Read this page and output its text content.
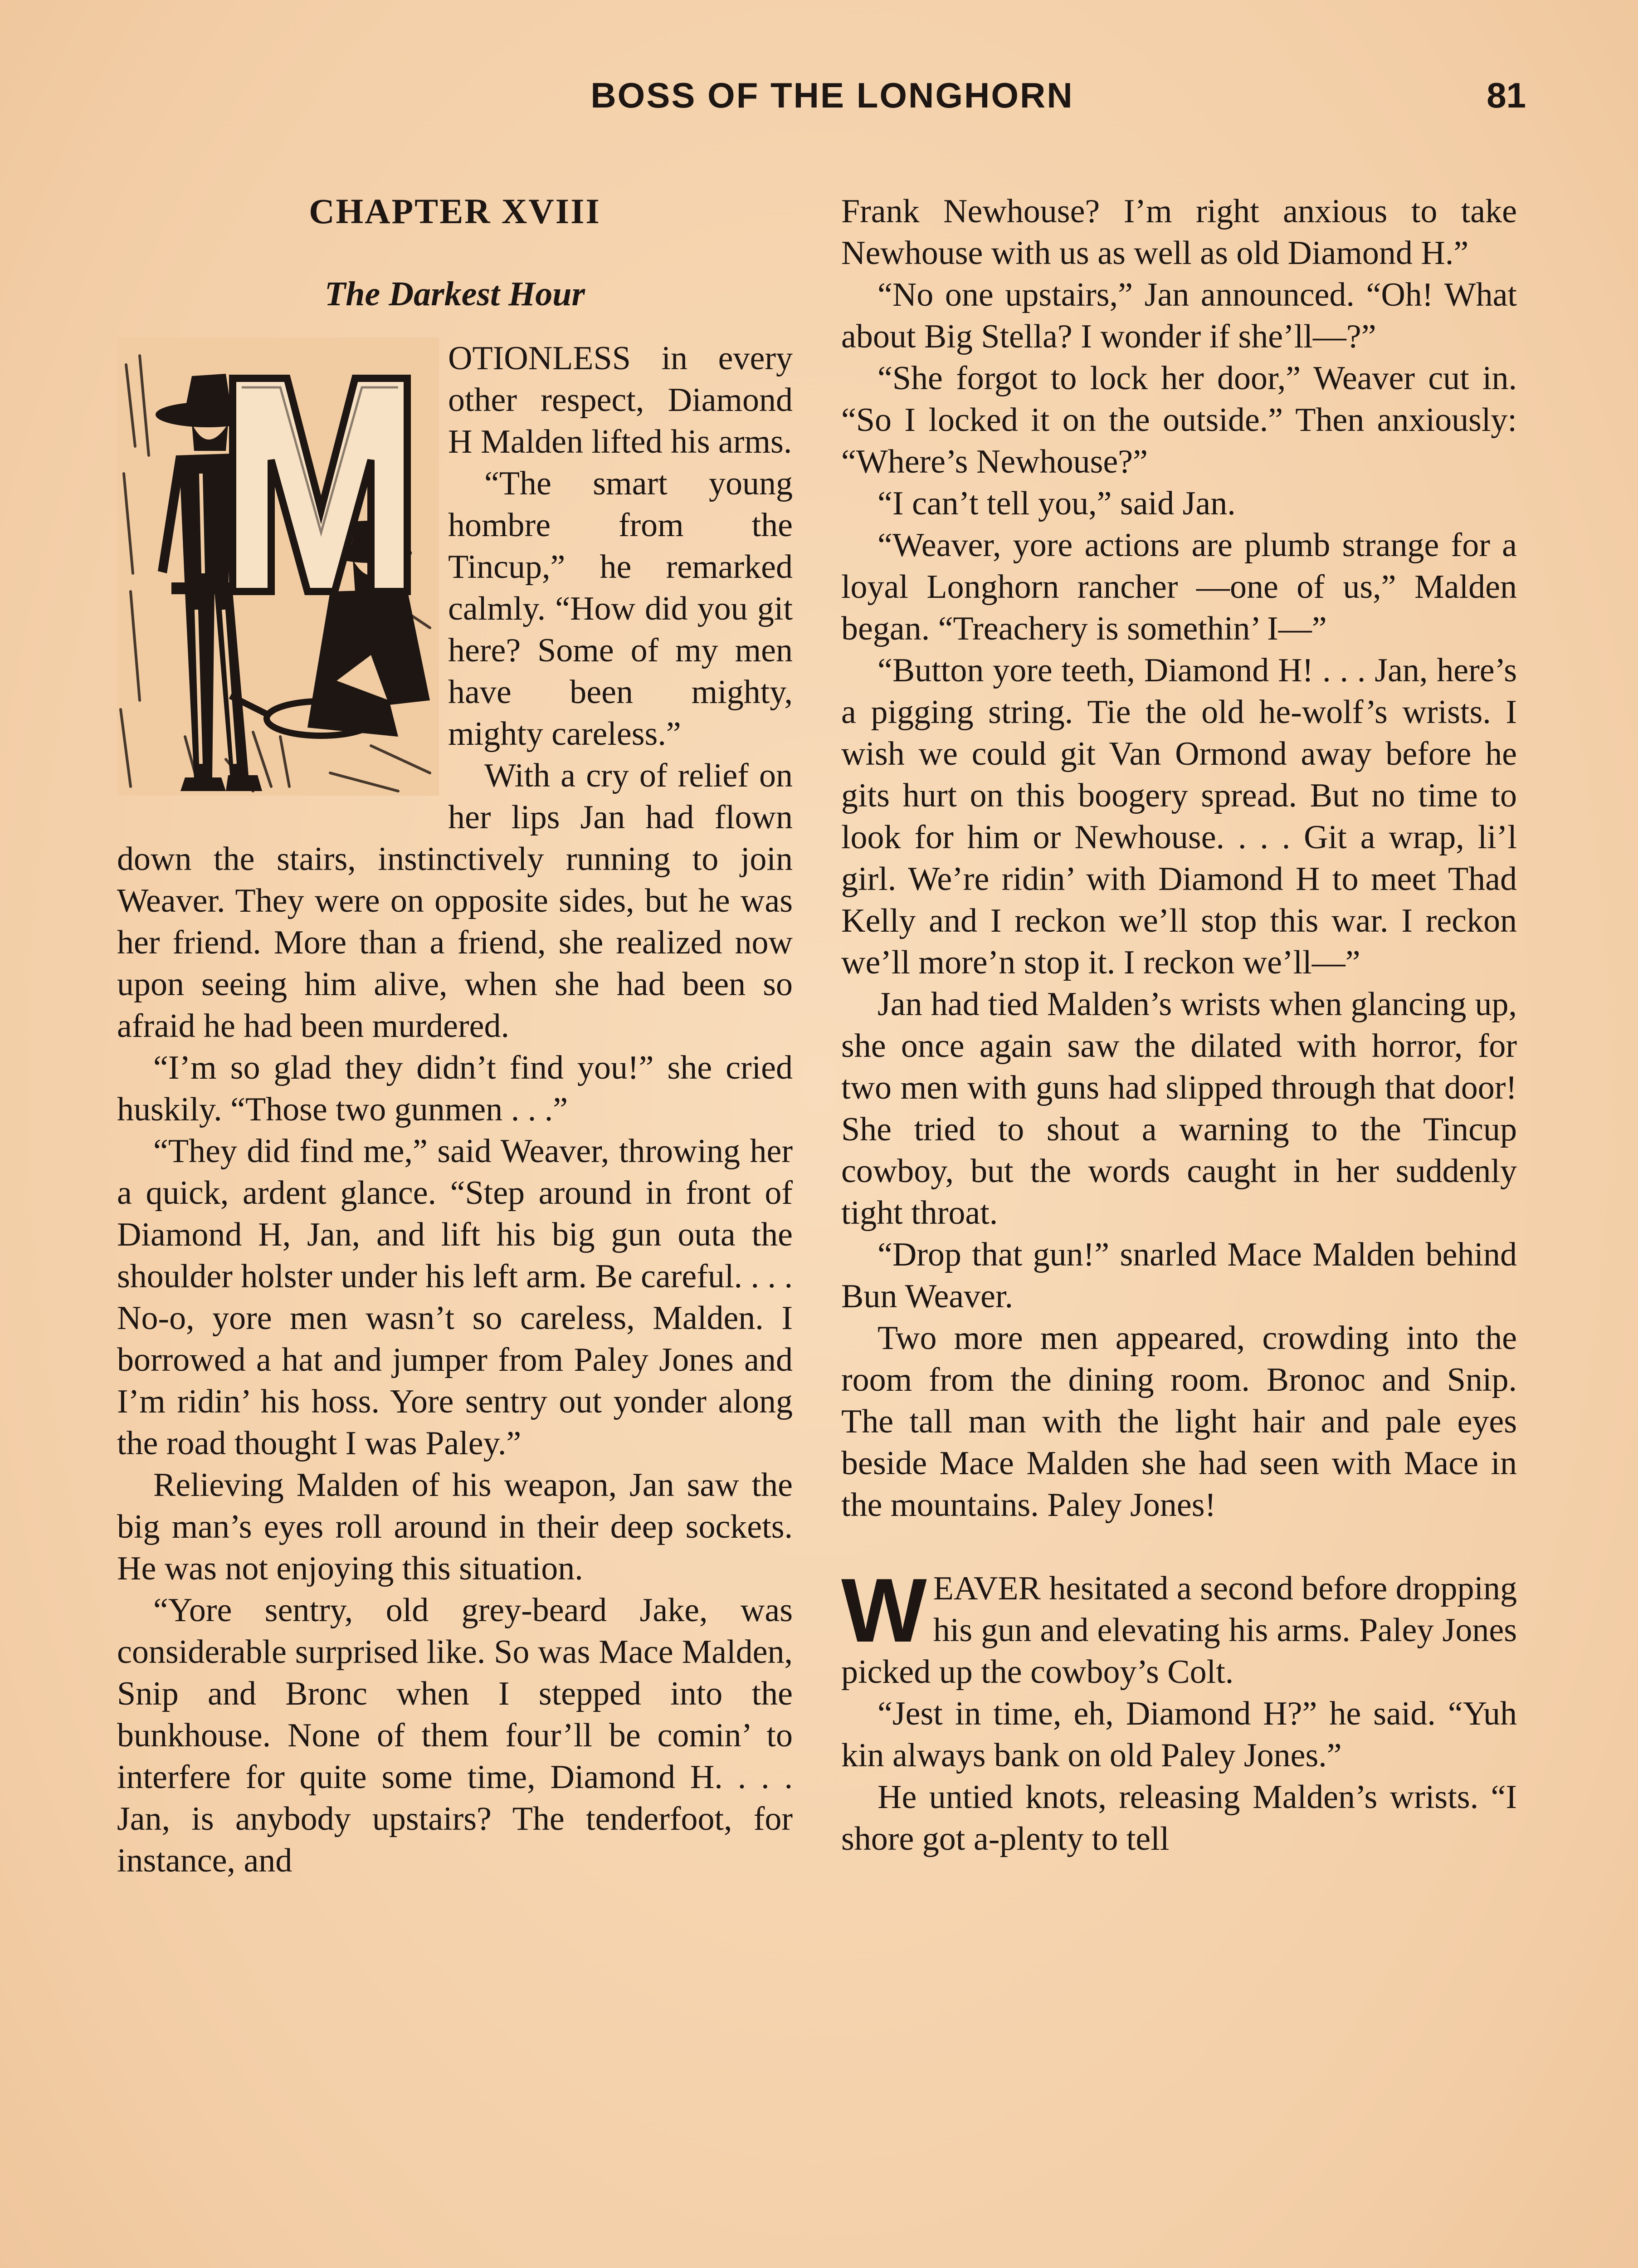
BOSS OF THE LONGHORN	81
CHAPTER XVIII
The Darkest Hour

OTIONLESS in every other respect, Diamond H Malden lifted his arms.

“The smart young hombre from the Tincup,” he remarked calmly. “How did you git here? Some of my men have been mighty, mighty careless.”

With a cry of relief on her lips Jan had flown down the stairs, instinctively running to join Weaver. They were on opposite sides, but he was her friend. More than a friend, she realized now upon seeing him alive, when she had been so afraid he had been murdered.

“I’m so glad they didn’t find you!” she cried huskily. “Those two gunmen . . .”

“They did find me,” said Weaver, throwing her a quick, ardent glance. “Step around in front of Diamond H, Jan, and lift his big gun outa the shoulder holster under his left arm. Be careful. . . . No-o, yore men wasn’t so careless, Malden. I borrowed a hat and jumper from Paley Jones and I’m ridin’ his hoss. Yore sentry out yonder along the road thought I was Paley.”

Relieving Malden of his weapon, Jan saw the big man’s eyes roll around in their deep sockets. He was not enjoying this situation.

“Yore sentry, old grey-beard Jake, was considerable surprised like. So was Mace Malden, Snip and Bronc when I stepped into the bunkhouse. None of them four’ll be comin’ to interfere for quite some time, Diamond H. . . . Jan, is anybody upstairs? The tenderfoot, for instance, and

Frank Newhouse? I’m right anxious to take Newhouse with us as well as old Diamond H.”

“No one upstairs,” Jan announced. “Oh! What about Big Stella? I wonder if she’ll—?”

“She forgot to lock her door,” Weaver cut in. “So I locked it on the outside.” Then anxiously: “Where’s Newhouse?”

“I can’t tell you,” said Jan.

“Weaver, yore actions are plumb strange for a loyal Longhorn rancher —one of us,” Malden began. “Treachery is somethin’ I—”

“Button yore teeth, Diamond H! . . . Jan, here’s a pigging string. Tie the old he-wolf’s wrists. I wish we could git Van Ormond away before he gits hurt on this boogery spread. But no time to look for him or Newhouse. . . . Git a wrap, li’l girl. We’re ridin’ with Diamond H to meet Thad Kelly and I reckon we’ll stop this war. I reckon we’ll more’n stop it. I reckon we’ll—”

Jan had tied Malden’s wrists when glancing up, she once again saw the dilated with horror, for two men with guns had slipped through that door! She tried to shout a warning to the Tincup cowboy, but the words caught in her suddenly tight throat.

“Drop that gun!” snarled Mace Malden behind Bun Weaver.

Two more men appeared, crowding into the room from the dining room. Bronoc and Snip. The tall man with the light hair and pale eyes beside Mace Malden she had seen with Mace in the mountains. Paley Jones!

WEAVER hesitated a second before dropping his gun and elevating his arms. Paley Jones picked up the cowboy’s Colt.

“Jest in time, eh, Diamond H?” he said. “Yuh kin always bank on old Paley Jones.”

He untied knots, releasing Malden’s wrists. “I shore got a-plenty to tell
